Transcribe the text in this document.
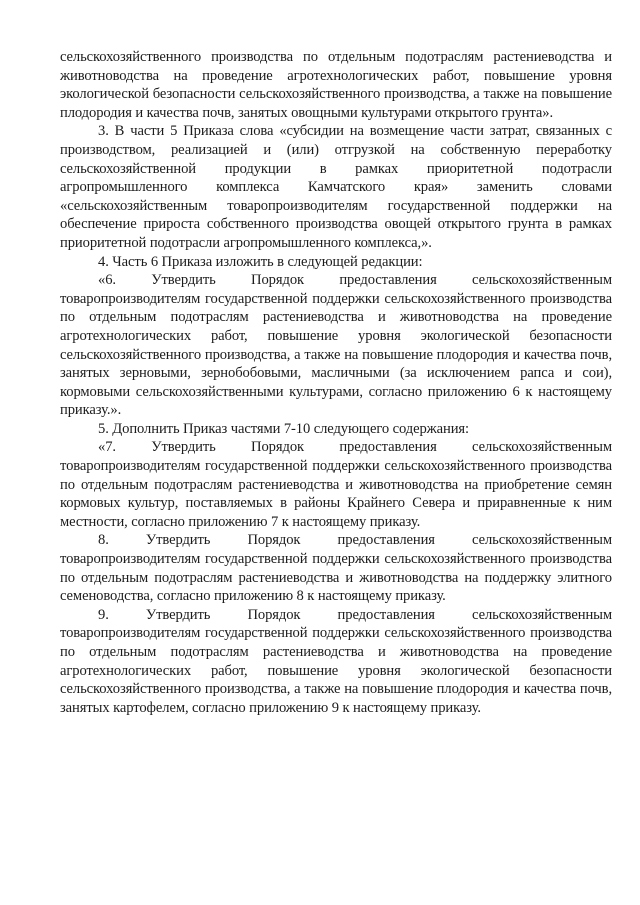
сельскохозяйственного производства по отдельным подотраслям растениеводства и животноводства на проведение агротехнологических работ, повышение уровня экологической безопасности сельскохозяйственного производства, а также на повышение плодородия и качества почв, занятых овощными культурами открытого грунта».

3. В части 5 Приказа слова «субсидии на возмещение части затрат, связанных с производством, реализацией и (или) отгрузкой на собственную переработку сельскохозяйственной продукции в рамках приоритетной подотрасли агропромышленного комплекса Камчатского края» заменить словами «сельскохозяйственным товаропроизводителям государственной поддержки на обеспечение прироста собственного производства овощей открытого грунта в рамках приоритетной подотрасли агропромышленного комплекса,».

4. Часть 6 Приказа изложить в следующей редакции:

«6. Утвердить Порядок предоставления сельскохозяйственным товаропроизводителям государственной поддержки сельскохозяйственного производства по отдельным подотраслям растениеводства и животноводства на проведение агротехнологических работ, повышение уровня экологической безопасности сельскохозяйственного производства, а также на повышение плодородия и качества почв, занятых зерновыми, зернобобовыми, масличными (за исключением рапса и сои), кормовыми сельскохозяйственными культурами, согласно приложению 6 к настоящему приказу.».

5. Дополнить Приказ частями 7-10 следующего содержания:

«7. Утвердить Порядок предоставления сельскохозяйственным товаропроизводителям государственной поддержки сельскохозяйственного производства по отдельным подотраслям растениеводства и животноводства на приобретение семян кормовых культур, поставляемых в районы Крайнего Севера и приравненные к ним местности, согласно приложению 7 к настоящему приказу.

8. Утвердить Порядок предоставления сельскохозяйственным товаропроизводителям государственной поддержки сельскохозяйственного производства по отдельным подотраслям растениеводства и животноводства на поддержку элитного семеноводства, согласно приложению 8 к настоящему приказу.

9. Утвердить Порядок предоставления сельскохозяйственным товаропроизводителям государственной поддержки сельскохозяйственного производства по отдельным подотраслям растениеводства и животноводства на проведение агротехнологических работ, повышение уровня экологической безопасности сельскохозяйственного производства, а также на повышение плодородия и качества почв, занятых картофелем, согласно приложению 9 к настоящему приказу.
